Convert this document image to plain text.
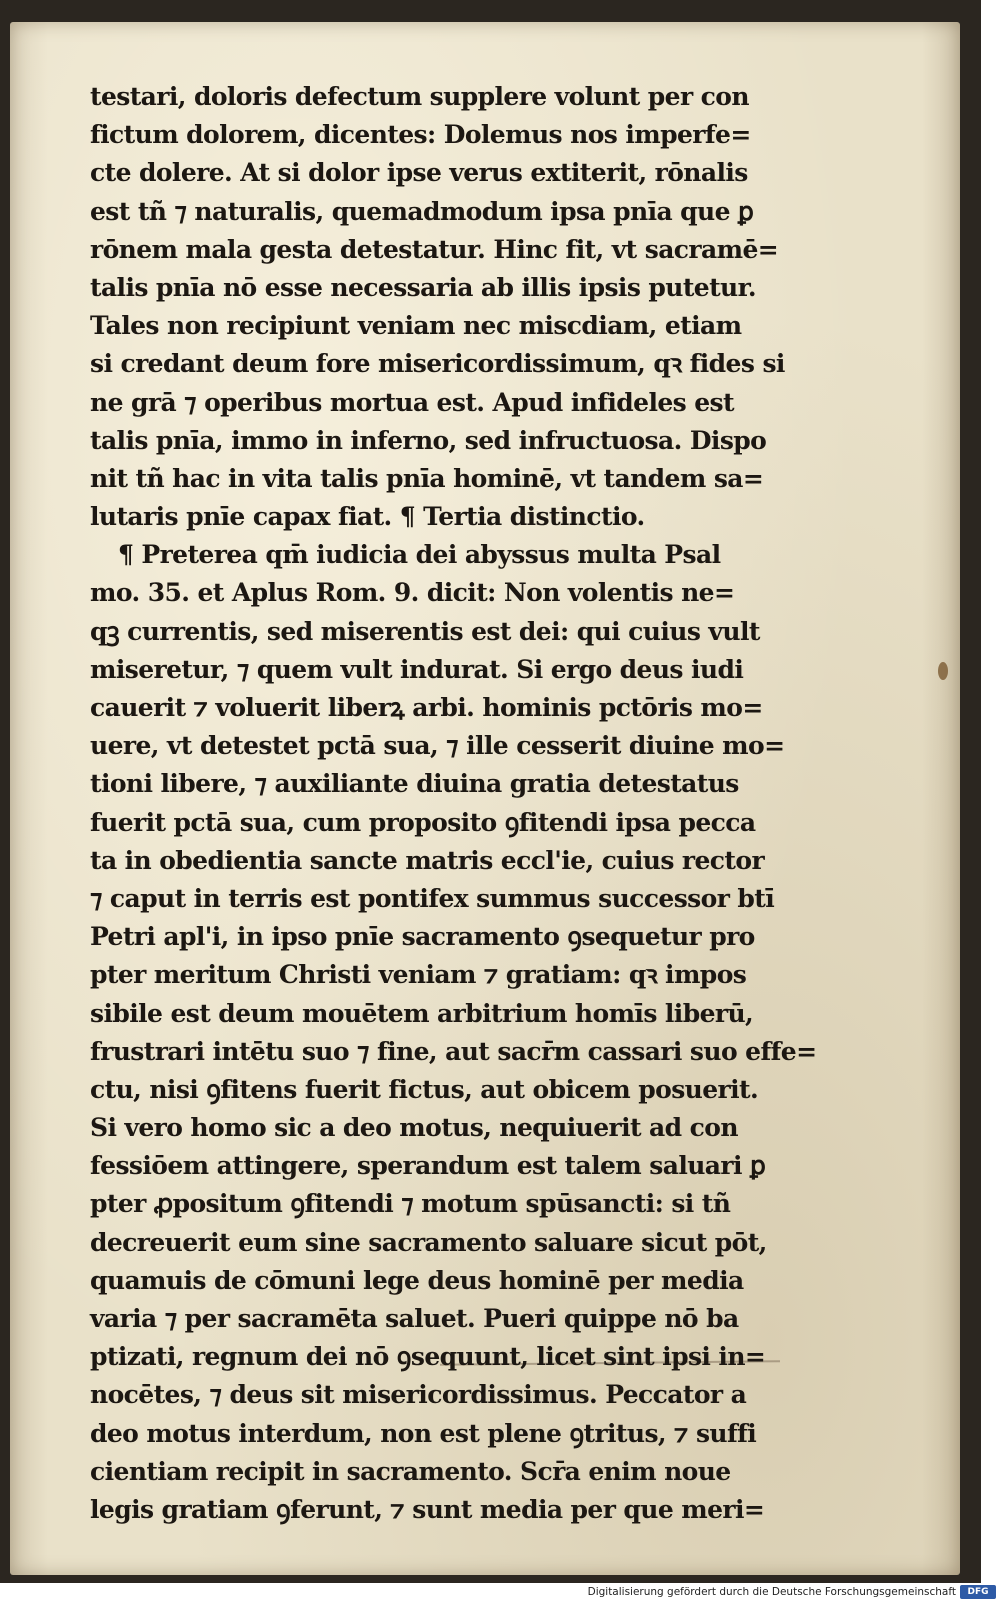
testari, doloris defectum supplere volunt per con
fictum dolorem, dicentes: Dolemus nos imperfe=
cte dolere. At si dolor ipse verus extiterit, rōnalis
est tñ ⁊ naturalis, quemadmodum ipsa pnīa que ꝑ
rōnem mala gesta detestatur. Hinc fit, vt sacramē=
talis pnīa nō esse necessaria ab illis ipsis putetur.
Tales non recipiunt veniam nec miscdiam, etiam
si credant deum fore misericordissimum, qꝛ fides si
ne grā ⁊ operibus mortua est. Apud infideles est
talis pnīa, immo in inferno, sed infructuosa. Dispo
nit tñ hac in vita talis pnīa hominē, vt tandem sa=
lutaris pnīe capax fiat. ¶ Tertia distinctio.
¶ Preterea qm̄ iudicia dei abyssus multa Psal
mo. 35. et Aplus Rom. 9. dicit: Non volentis ne=
qꝫ currentis, sed miserentis est dei: qui cuius vult
miseretur, ⁊ quem vult indurat. Si ergo deus iudi
cauerit ⁊ voluerit liberꝝ arbi. hominis pctōris mo=
uere, vt detestet pctā sua, ⁊ ille cesserit diuine mo=
tioni libere, ⁊ auxiliante diuina gratia detestatus
fuerit pctā sua, cum proposito ꝯfitendi ipsa pecca
ta in obedientia sancte matris eccl'ie, cuius rector
⁊ caput in terris est pontifex summus successor btī
Petri apl'i, in ipso pnīe sacramento ꝯsequetur pro
pter meritum Christi veniam ⁊ gratiam: qꝛ impos
sibile est deum mouētem arbitrium homīs liberū,
frustrari intētu suo ⁊ fine, aut sacr̄m cassari suo effe=
ctu, nisi ꝯfitens fuerit fictus, aut obicem posuerit.
Si vero homo sic a deo motus, nequiuerit ad con
fessiōem attingere, sperandum est talem saluari ꝑ
pter ꝓpositum ꝯfitendi ⁊ motum spūsancti: si tñ
decreuerit eum sine sacramento saluare sicut pōt,
quamuis de cōmuni lege deus hominē per media
varia ⁊ per sacramēta saluet. Pueri quippe nō ba
ptizati, regnum dei nō ꝯsequunt, licet sint ipsi in=
nocētes, ⁊ deus sit misericordissimus. Peccator a
deo motus interdum, non est plene ꝯtritus, ⁊ suffi
cientiam recipit in sacramento. Scr̄a enim noue
legis gratiam ꝯferunt, ⁊ sunt media per que meri=
Digitalisierung gefördert durch die Deutsche Forschungsgemeinschaft	DFG
